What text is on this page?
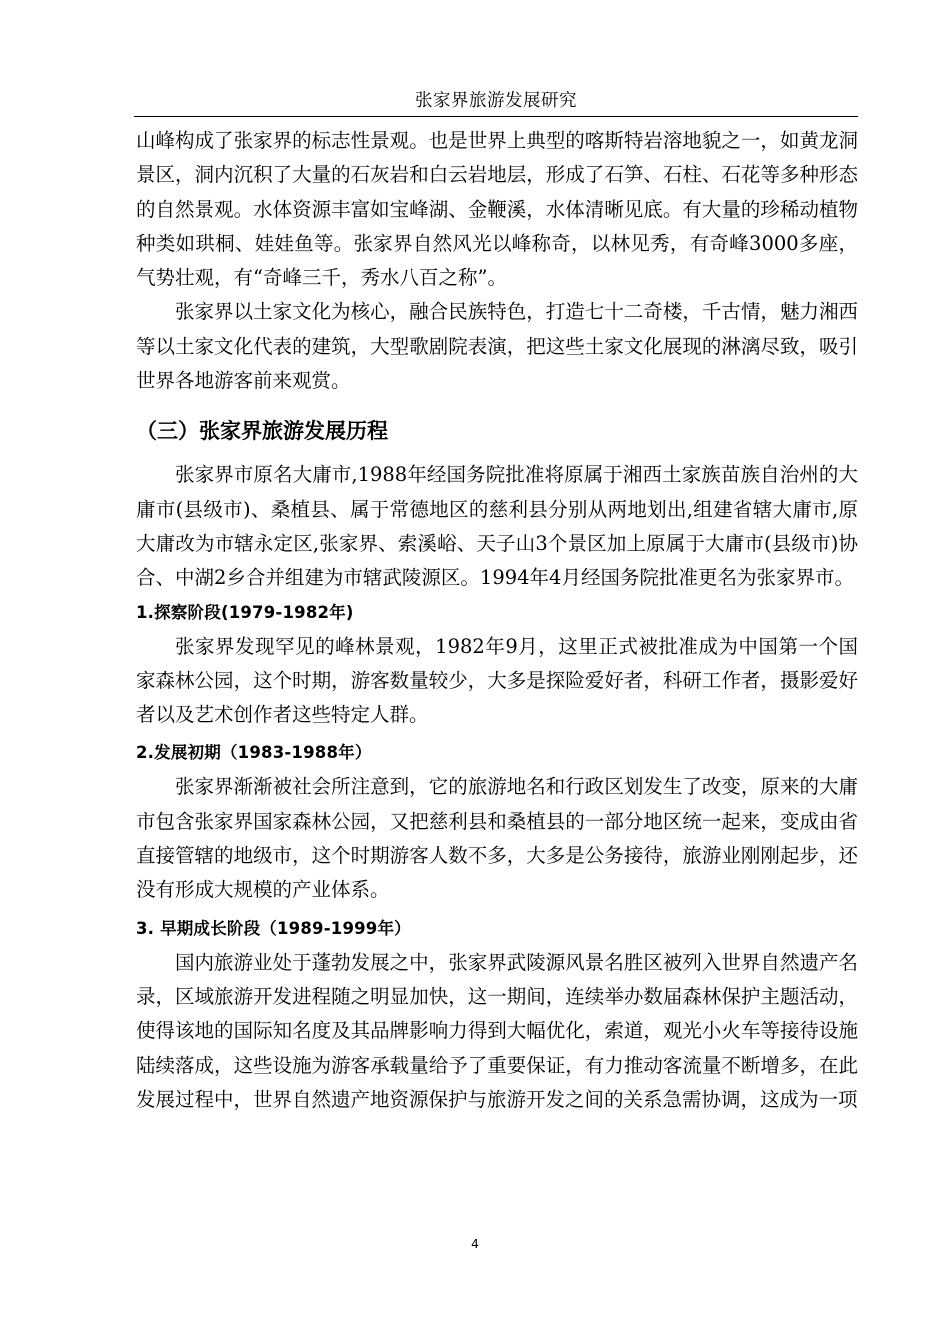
张家界旅游发展研究

山峰构成了张家界的标志性景观。也是世界上典型的喀斯特岩溶地貌之一，如黄龙洞景区，洞内沉积了大量的石灰岩和白云岩地层，形成了石笋、石柱、石花等多种形态的自然景观。水体资源丰富如宝峰湖、金鞭溪，水体清晰见底。有大量的珍稀动植物种类如珙桐、娃娃鱼等。张家界自然风光以峰称奇，以林见秀，有奇峰3000多座，气势壮观，有“奇峰三千，秀水八百之称”。

张家界以土家文化为核心，融合民族特色，打造七十二奇楼，千古情，魅力湘西等以土家文化代表的建筑，大型歌剧院表演，把这些土家文化展现的淋漓尽致，吸引世界各地游客前来观赏。

（三）张家界旅游发展历程

张家界市原名大庸市,1988年经国务院批准将原属于湘西土家族苗族自治州的大庸市(县级市)、桑植县、属于常德地区的慈利县分别从两地划出,组建省辖大庸市,原大庸改为市辖永定区,张家界、索溪峪、天子山3个景区加上原属于大庸市(县级市)协合、中湖2乡合并组建为市辖武陵源区。1994年4月经国务院批准更名为张家界市。

1.探察阶段(1979-1982年)

张家界发现罕见的峰林景观，1982年9月，这里正式被批准成为中国第一个国家森林公园，这个时期，游客数量较少，大多是探险爱好者，科研工作者，摄影爱好者以及艺术创作者这些特定人群。

2.发展初期（1983-1988年）

张家界渐渐被社会所注意到，它的旅游地名和行政区划发生了改变，原来的大庸市包含张家界国家森林公园，又把慈利县和桑植县的一部分地区统一起来，变成由省直接管辖的地级市，这个时期游客人数不多，大多是公务接待，旅游业刚刚起步，还没有形成大规模的产业体系。

3. 早期成长阶段（1989-1999年）

国内旅游业处于蓬勃发展之中，张家界武陵源风景名胜区被列入世界自然遗产名录，区域旅游开发进程随之明显加快，这一期间，连续举办数届森林保护主题活动，使得该地的国际知名度及其品牌影响力得到大幅优化，索道，观光小火车等接待设施陆续落成，这些设施为游客承载量给予了重要保证，有力推动客流量不断增多，在此发展过程中，世界自然遗产地资源保护与旅游开发之间的关系急需协调，这成为一项

4
